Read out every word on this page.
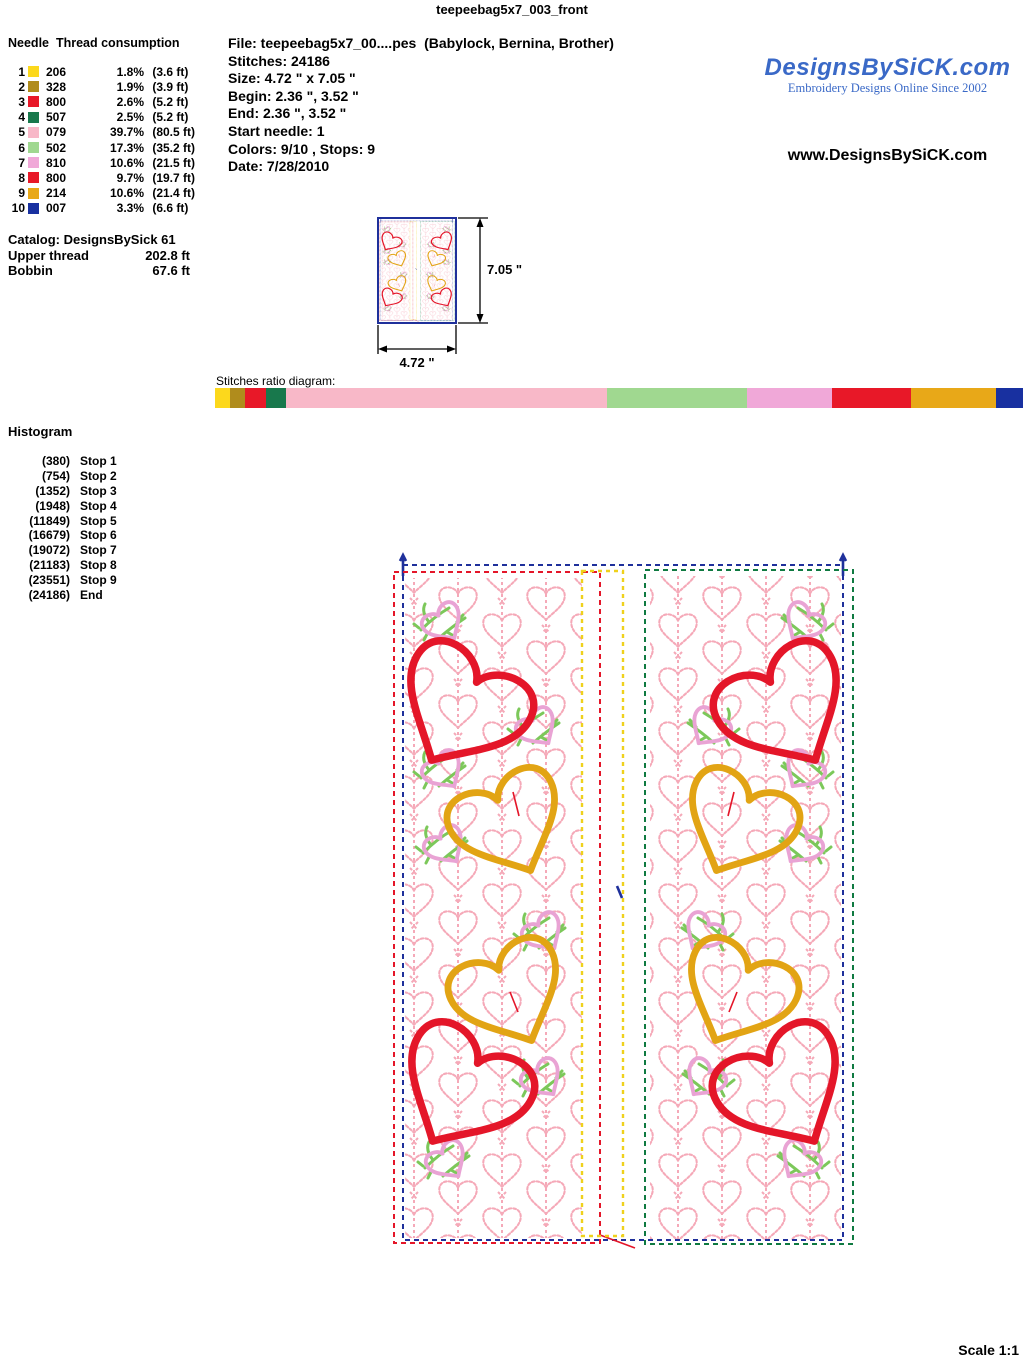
teepeebag5x7_003_front
Needle Thread consumption
1	206	1.8% (3.6 ft)
2	328	1.9% (3.9 ft)
3	800	2.6% (5.2 ft)
4	507	2.5% (5.2 ft)
5	079	39.7% (80.5 ft)
6	502	17.3% (35.2 ft)
7	810	10.6% (21.5 ft)
8	800	9.7% (19.7 ft)
9	214	10.6% (21.4 ft)
10	007	3.3% (6.6 ft)
Catalog: DesignsBySick 61
Upper thread	202.8 ft
Bobbin	67.6 ft
File: teepeebag5x7_00....pes  (Babylock, Bernina, Brother)
Stitches: 24186
Size: 4.72 " x 7.05 "
Begin: 2.36 ", 3.52 "
End: 2.36 ", 3.52 "
Start needle: 1
Colors: 9/10 , Stops: 9
Date: 7/28/2010
DesignsBySiCK.com
Embroidery Designs Online Since 2002
www.DesignsBySiCK.com
7.05 "
4.72 "
Stitches ratio diagram:
Histogram
(380) Stop 1
(754) Stop 2
(1352) Stop 3
(1948) Stop 4
(11849) Stop 5
(16679) Stop 6
(19072) Stop 7
(21183) Stop 8
(23551) Stop 9
(24186) End
Scale 1:1
